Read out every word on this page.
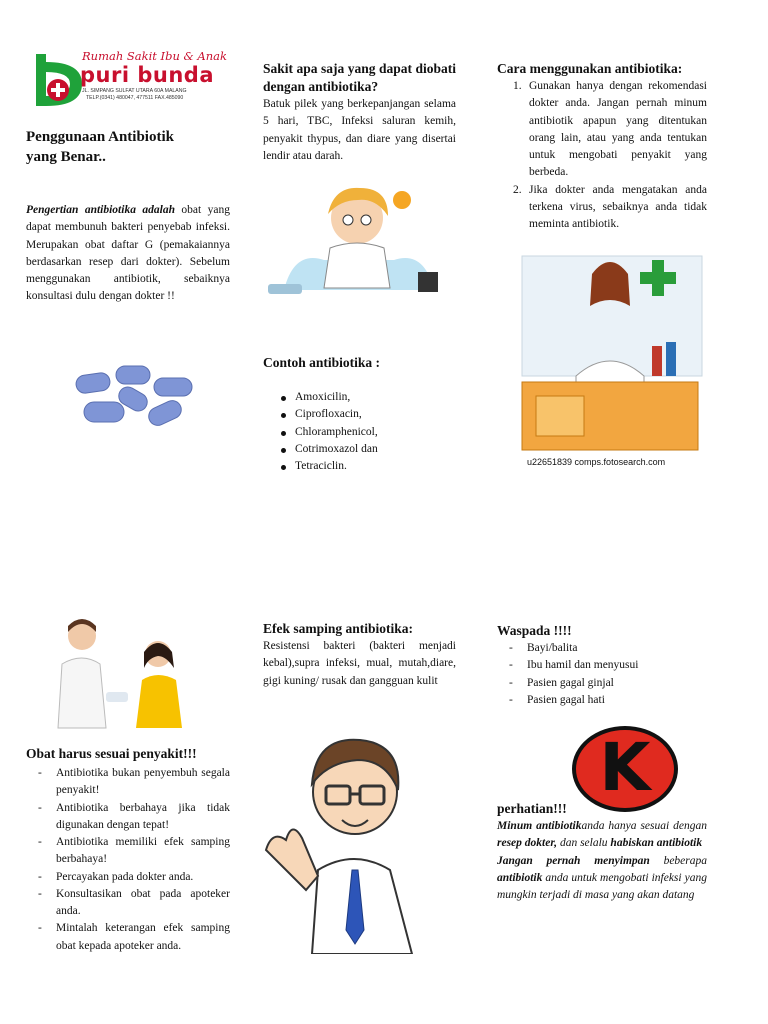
Rumah Sakit Ibu & Anak
puri bunda
JL. SIMPANG SULFAT UTARA 60A MALANG
TELP.(0341) 480047, 477511 FAX.485090
Penggunaan Antibiotik yang Benar..

Pengertian antibiotika adalah obat yang dapat membunuh bakteri penyebab infeksi. Merupakan obat daftar G (pemakaiannya berdasarkan resep dari dokter). Sebelum menggunakan antibiotik, sebaiknya konsultasi dulu dengan dokter !!

Obat harus sesuai penyakit!!!
- Antibiotika bukan penyembuh segala penyakit!
- Antibiotika berbahaya jika tidak digunakan dengan tepat!
- Antibiotika memiliki efek samping berbahaya!
- Percayakan pada dokter anda.
- Konsultasikan obat pada apoteker anda.
- Mintalah keterangan efek samping obat kepada apoteker anda.
Sakit apa saja yang dapat diobati dengan antibiotika?

Batuk pilek yang berkepanjangan selama 5 hari, TBC, Infeksi saluran kemih, penyakit thypus, dan diare yang disertai lendir atau darah.

Contoh antibiotika :
Amoxicilin,
Ciprofloxacin,
Chloramphenicol,
Cotrimoxazol dan
Tetraciclin.
Efek samping antibiotika:

Resistensi bakteri (bakteri menjadi kebal),supra infeksi, mual, mutah,diare, gigi kuning/ rusak dan gangguan kulit

Cara menggunakan antibiotika:
1. Gunakan hanya dengan rekomendasi dokter anda. Jangan pernah minum antibiotik apapun yang ditentukan orang lain, atau yang anda tentukan untuk mengobati penyakit yang berbeda.
2. Jika dokter anda mengatakan anda terkena virus, sebaiknya anda tidak meminta antibiotik.
u22651839 comps.fotosearch.com
Waspada !!!!
- Bayi/balita
- Ibu hamil dan menyusui
- Pasien gagal ginjal
- Pasien gagal hati
K
perhatian!!!

Minum antibiotikanda hanya sesuai dengan resep dokter, dan selalu habiskan antibiotik
Jangan pernah menyimpan beberapa antibiotik anda untuk mengobati infeksi yang mungkin terjadi di masa yang akan datang
